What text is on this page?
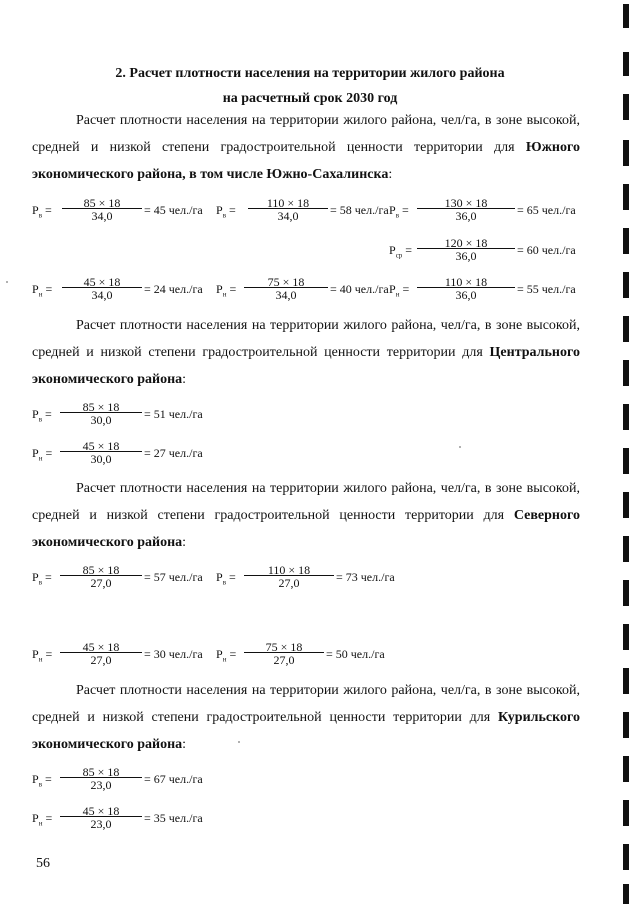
2. Расчет плотности населения на территории жилого района
на расчетный срок 2030 год

Расчет плотности населения на территории жилого района, чел/га, в зоне высокой, средней и низкой степени градостроительной ценности территории для Южного экономического района, в том числе Южно-Сахалинска:

$P_в$ =	85 × 18
34,0	= 45 чел./га $P_в$ =	110 × 18
34,0	= 58 чел./га $P_в$ =	130 × 18
36,0	= 65 чел./га
$P_{ср}$ =	120 × 18
36,0	= 60 чел./га
$P_н$ =	45 × 18
34,0	= 24 чел./га $P_н$ =	75 × 18
34,0	= 40 чел./га $P_н$ =	110 × 18
36,0	= 55 чел./га

Расчет плотности населения на территории жилого района, чел/га, в зоне высокой, средней и низкой степени градостроительной ценности территории для Центрального экономического района:

$P_в$ =	85 × 18
30,0	= 51 чел./га
$P_н$ =	45 × 18
30,0	= 27 чел./га

Расчет плотности населения на территории жилого района, чел/га, в зоне высокой, средней и низкой степени градостроительной ценности территории для Северного экономического района:

$P_в$ =	85 × 18
27,0	= 57 чел./га $P_в$ =	110 × 18
27,0	= 73 чел./га
$P_н$ =	45 × 18
27,0	= 30 чел./га $P_н$ =	75 × 18
27,0	= 50 чел./га

Расчет плотности населения на территории жилого района, чел/га, в зоне высокой, средней и низкой степени градостроительной ценности территории для Курильского экономического района:

$P_в$ =	85 × 18
23,0	= 67 чел./га
$P_н$ =	45 × 18
23,0	= 35 чел./га
56
